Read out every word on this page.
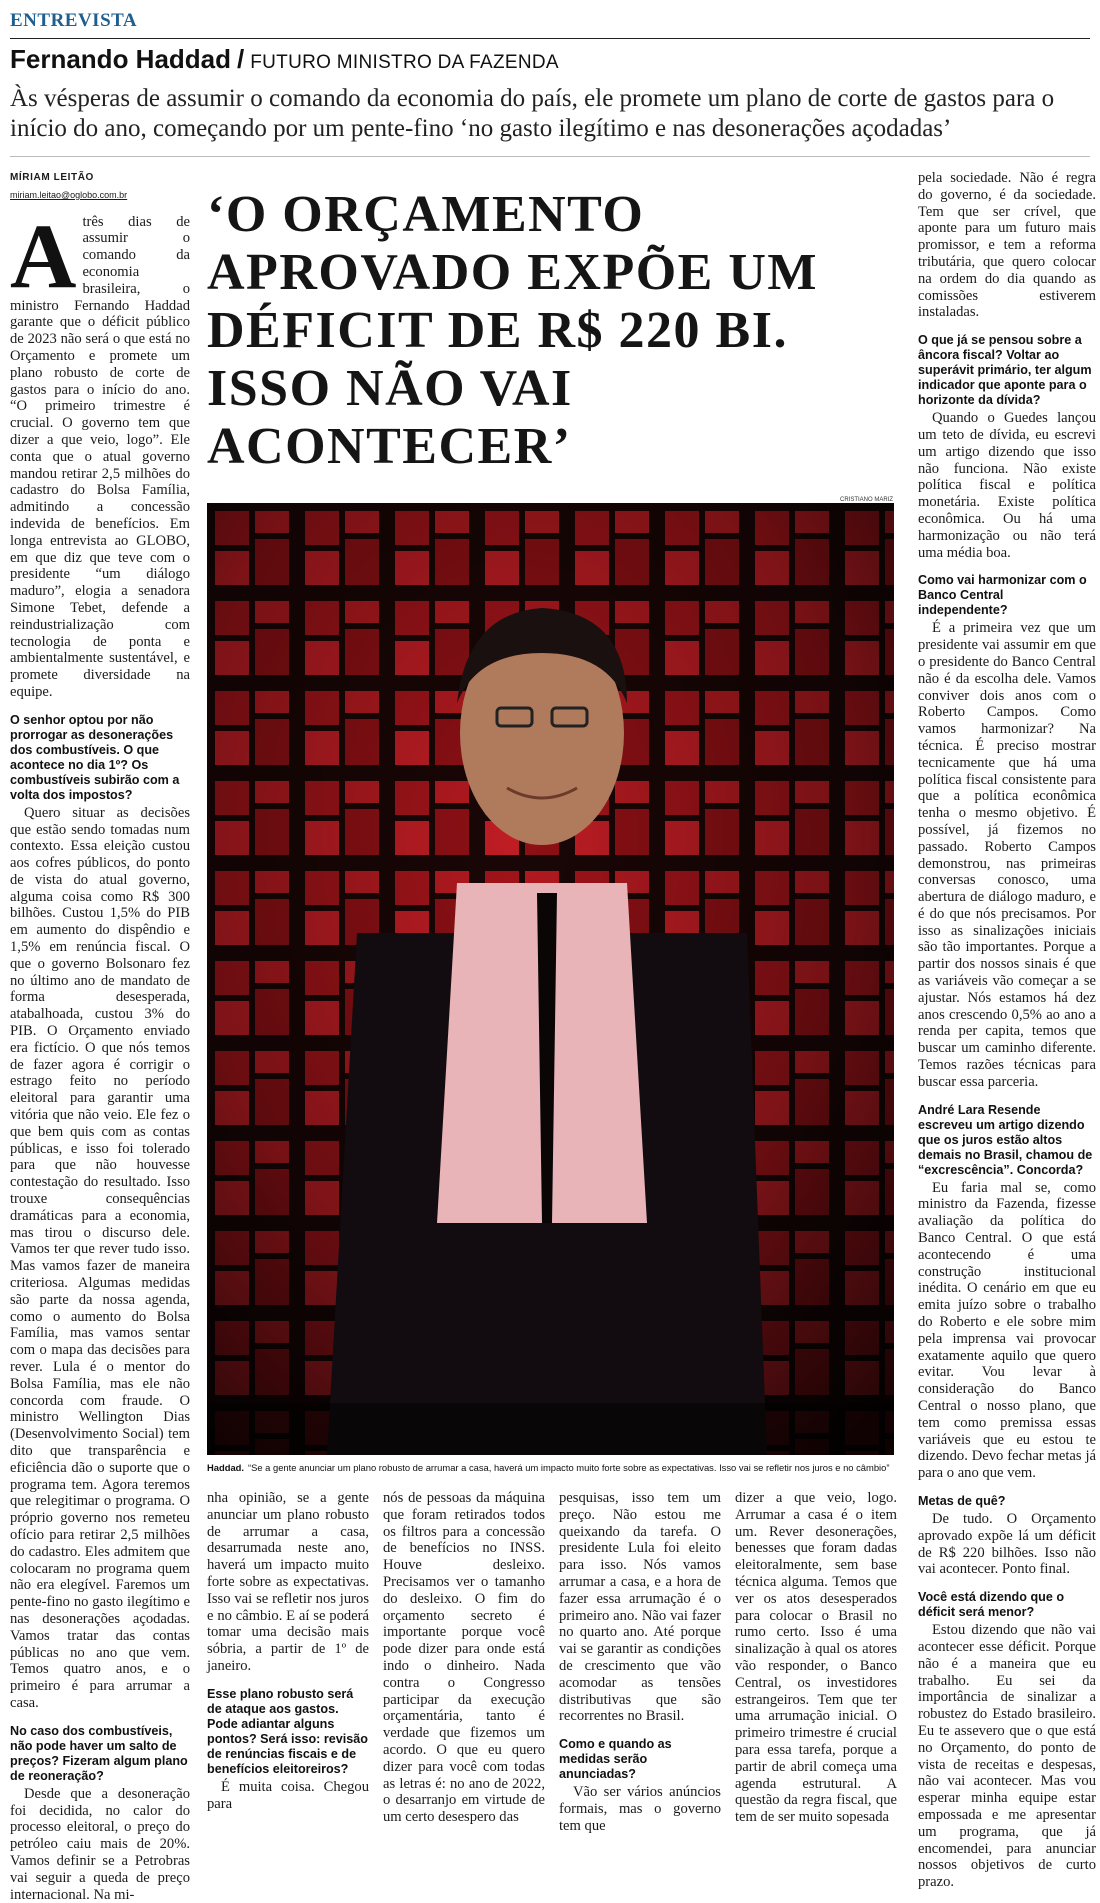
ENTREVISTA
Fernando Haddad / FUTURO MINISTRO DA FAZENDA
Às vésperas de assumir o comando da economia do país, ele promete um plano de corte de gastos para o início do ano, começando por um pente-fino ‘no gasto ilegítimo e nas desonerações açodadas’
MÍRIAM LEITÃO
miriam.leitao@oglobo.com.br
A três dias de assumir o comando da economia brasileira, o ministro Fernando Haddad garante que o déficit público de 2023 não será o que está no Orçamento e promete um plano robusto de corte de gastos para o início do ano. “O primeiro trimestre é crucial. O governo tem que dizer a que veio, logo”. Ele conta que o atual governo mandou retirar 2,5 milhões do cadastro do Bolsa Família, admitindo a concessão indevida de benefícios. Em longa entrevista ao GLOBO, em que diz que teve com o presidente “um diálogo maduro”, elogia a senadora Simone Tebet, defende a reindustrialização com tecnologia de ponta e ambientalmente sustentável, e promete diversidade na equipe.

O senhor optou por não prorrogar as desonerações dos combustíveis. O que acontece no dia 1º? Os combustíveis subirão com a volta dos impostos?

Quero situar as decisões que estão sendo tomadas num contexto. Essa eleição custou aos cofres públicos, do ponto de vista do atual governo, alguma coisa como R$ 300 bilhões. Custou 1,5% do PIB em aumento do dispêndio e 1,5% em renúncia fiscal. O que o governo Bolsonaro fez no último ano de mandato de forma desesperada, atabalhoada, custou 3% do PIB. O Orçamento enviado era fictício. O que nós temos de fazer agora é corrigir o estrago feito no período eleitoral para garantir uma vitória que não veio. Ele fez o que bem quis com as contas públicas, e isso foi tolerado para que não houvesse contestação do resultado. Isso trouxe consequências dramáticas para a economia, mas tirou o discurso dele. Vamos ter que rever tudo isso. Mas vamos fazer de maneira criteriosa. Algumas medidas são parte da nossa agenda, como o aumento do Bolsa Família, mas vamos sentar com o mapa das decisões para rever. Lula é o mentor do Bolsa Família, mas ele não concorda com fraude. O ministro Wellington Dias (Desenvolvimento Social) tem dito que transparência e eficiência dão o suporte que o programa tem. Agora teremos que relegitimar o programa. O próprio governo nos remeteu ofício para retirar 2,5 milhões do cadastro. Eles admitem que colocaram no programa quem não era elegível. Faremos um pente-fino no gasto ilegítimo e nas desonerações açodadas. Vamos tratar das contas públicas no ano que vem. Temos quatro anos, e o primeiro é para arrumar a casa.

No caso dos combustíveis, não pode haver um salto de preços? Fizeram algum plano de reoneração?

Desde que a desoneração foi decidida, no calor do processo eleitoral, o preço do petróleo caiu mais de 20%. Vamos definir se a Petrobras vai seguir a queda de preço internacional. Na mi-

‘O ORÇAMENTO APROVADO EXPÕE UM DÉFICIT DE R$ 220 BI. ISSO NÃO VAI ACONTECER’
CRISTIANO MARIZ
Haddad. “Se a gente anunciar um plano robusto de arrumar a casa, haverá um impacto muito forte sobre as expectativas. Isso vai se refletir nos juros e no câmbio”

pela sociedade. Não é regra do governo, é da sociedade. Tem que ser crível, que aponte para um futuro mais promissor, e tem a reforma tributária, que quero colocar na ordem do dia quando as comissões estiverem instaladas.

O que já se pensou sobre a âncora fiscal? Voltar ao superávit primário, ter algum indicador que aponte para o horizonte da dívida?

Quando o Guedes lançou um teto de dívida, eu escrevi um artigo dizendo que isso não funciona. Não existe política fiscal e política monetária. Existe política econômica. Ou há uma harmonização ou não terá uma média boa.

Como vai harmonizar com o Banco Central independente?

É a primeira vez que um presidente vai assumir em que o presidente do Banco Central não é da escolha dele. Vamos conviver dois anos com o Roberto Campos. Como vamos harmonizar? Na técnica. É preciso mostrar tecnicamente que há uma política fiscal consistente para que a política econômica tenha o mesmo objetivo. É possível, já fizemos no passado. Roberto Campos demonstrou, nas primeiras conversas conosco, uma abertura de diálogo maduro, e é do que nós precisamos. Por isso as sinalizações iniciais são tão importantes. Porque a partir dos nossos sinais é que as variáveis vão começar a se ajustar. Nós estamos há dez anos crescendo 0,5% ao ano a renda per capita, temos que buscar um caminho diferente. Temos razões técnicas para buscar essa parceria.

André Lara Resende escreveu um artigo dizendo que os juros estão altos demais no Brasil, chamou de “excrescência”. Concorda?

Eu faria mal se, como ministro da Fazenda, fizesse avaliação da política do Banco Central. O que está acontecendo é uma construção institucional inédita. O cenário em que eu emita juízo sobre o trabalho do Roberto e ele sobre mim pela imprensa vai provocar exatamente aquilo que quero evitar. Vou levar à consideração do Banco Central o nosso plano, que tem como premissa essas variáveis que eu estou te dizendo. Devo fechar metas já para o ano que vem.

Metas de quê?

De tudo. O Orçamento aprovado expõe lá um déficit de R$ 220 bilhões. Isso não vai acontecer. Ponto final.

Você está dizendo que o déficit será menor?

Estou dizendo que não vai acontecer esse déficit. Porque não é a maneira que eu trabalho. Eu sei da importância de sinalizar a robustez do Estado brasileiro. Eu te assevero que o que está no Orçamento, do ponto de vista de receitas e despesas, não vai acontecer. Mas vou esperar minha equipe estar empossada e me apresentar um programa, que já encomendei, para anunciar nossos objetivos de curto prazo.

nha opinião, se a gente anunciar um plano robusto de arrumar a casa, desarrumada neste ano, haverá um impacto muito forte sobre as expectativas. Isso vai se refletir nos juros e no câmbio. E aí se poderá tomar uma decisão mais sóbria, a partir de 1º de janeiro.

Esse plano robusto será de ataque aos gastos. Pode adiantar alguns pontos? Será isso: revisão de renúncias fiscais e de benefícios eleitoreiros?

É muita coisa. Chegou para

nós de pessoas da máquina que foram retirados todos os filtros para a concessão de benefícios no INSS. Houve desleixo. Precisamos ver o tamanho do desleixo. O fim do orçamento secreto é importante porque você pode dizer para onde está indo o dinheiro. Nada contra o Congresso participar da execução orçamentária, tanto é verdade que fizemos um acordo. O que eu quero dizer para você com todas as letras é: no ano de 2022, o desarranjo em virtude de um certo desespero das

pesquisas, isso tem um preço. Não estou me queixando da tarefa. O presidente Lula foi eleito para isso. Nós vamos arrumar a casa, e a hora de fazer essa arrumação é o primeiro ano. Não vai fazer no quarto ano. Até porque vai se garantir as condições de crescimento que vão acomodar as tensões distributivas que são recorrentes no Brasil.

Como e quando as medidas serão anunciadas?

Vão ser vários anúncios formais, mas o governo tem que

dizer a que veio, logo. Arrumar a casa é o item um. Rever desonerações, benesses que foram dadas eleitoralmente, sem base técnica alguma. Temos que ver os atos desesperados para colocar o Brasil no rumo certo. Isso é uma sinalização à qual os atores vão responder, o Banco Central, os investidores estrangeiros. Tem que ter uma arrumação inicial. O primeiro trimestre é crucial para essa tarefa, porque a partir de abril começa uma agenda estrutural. A questão da regra fiscal, que tem de ser muito sopesada
